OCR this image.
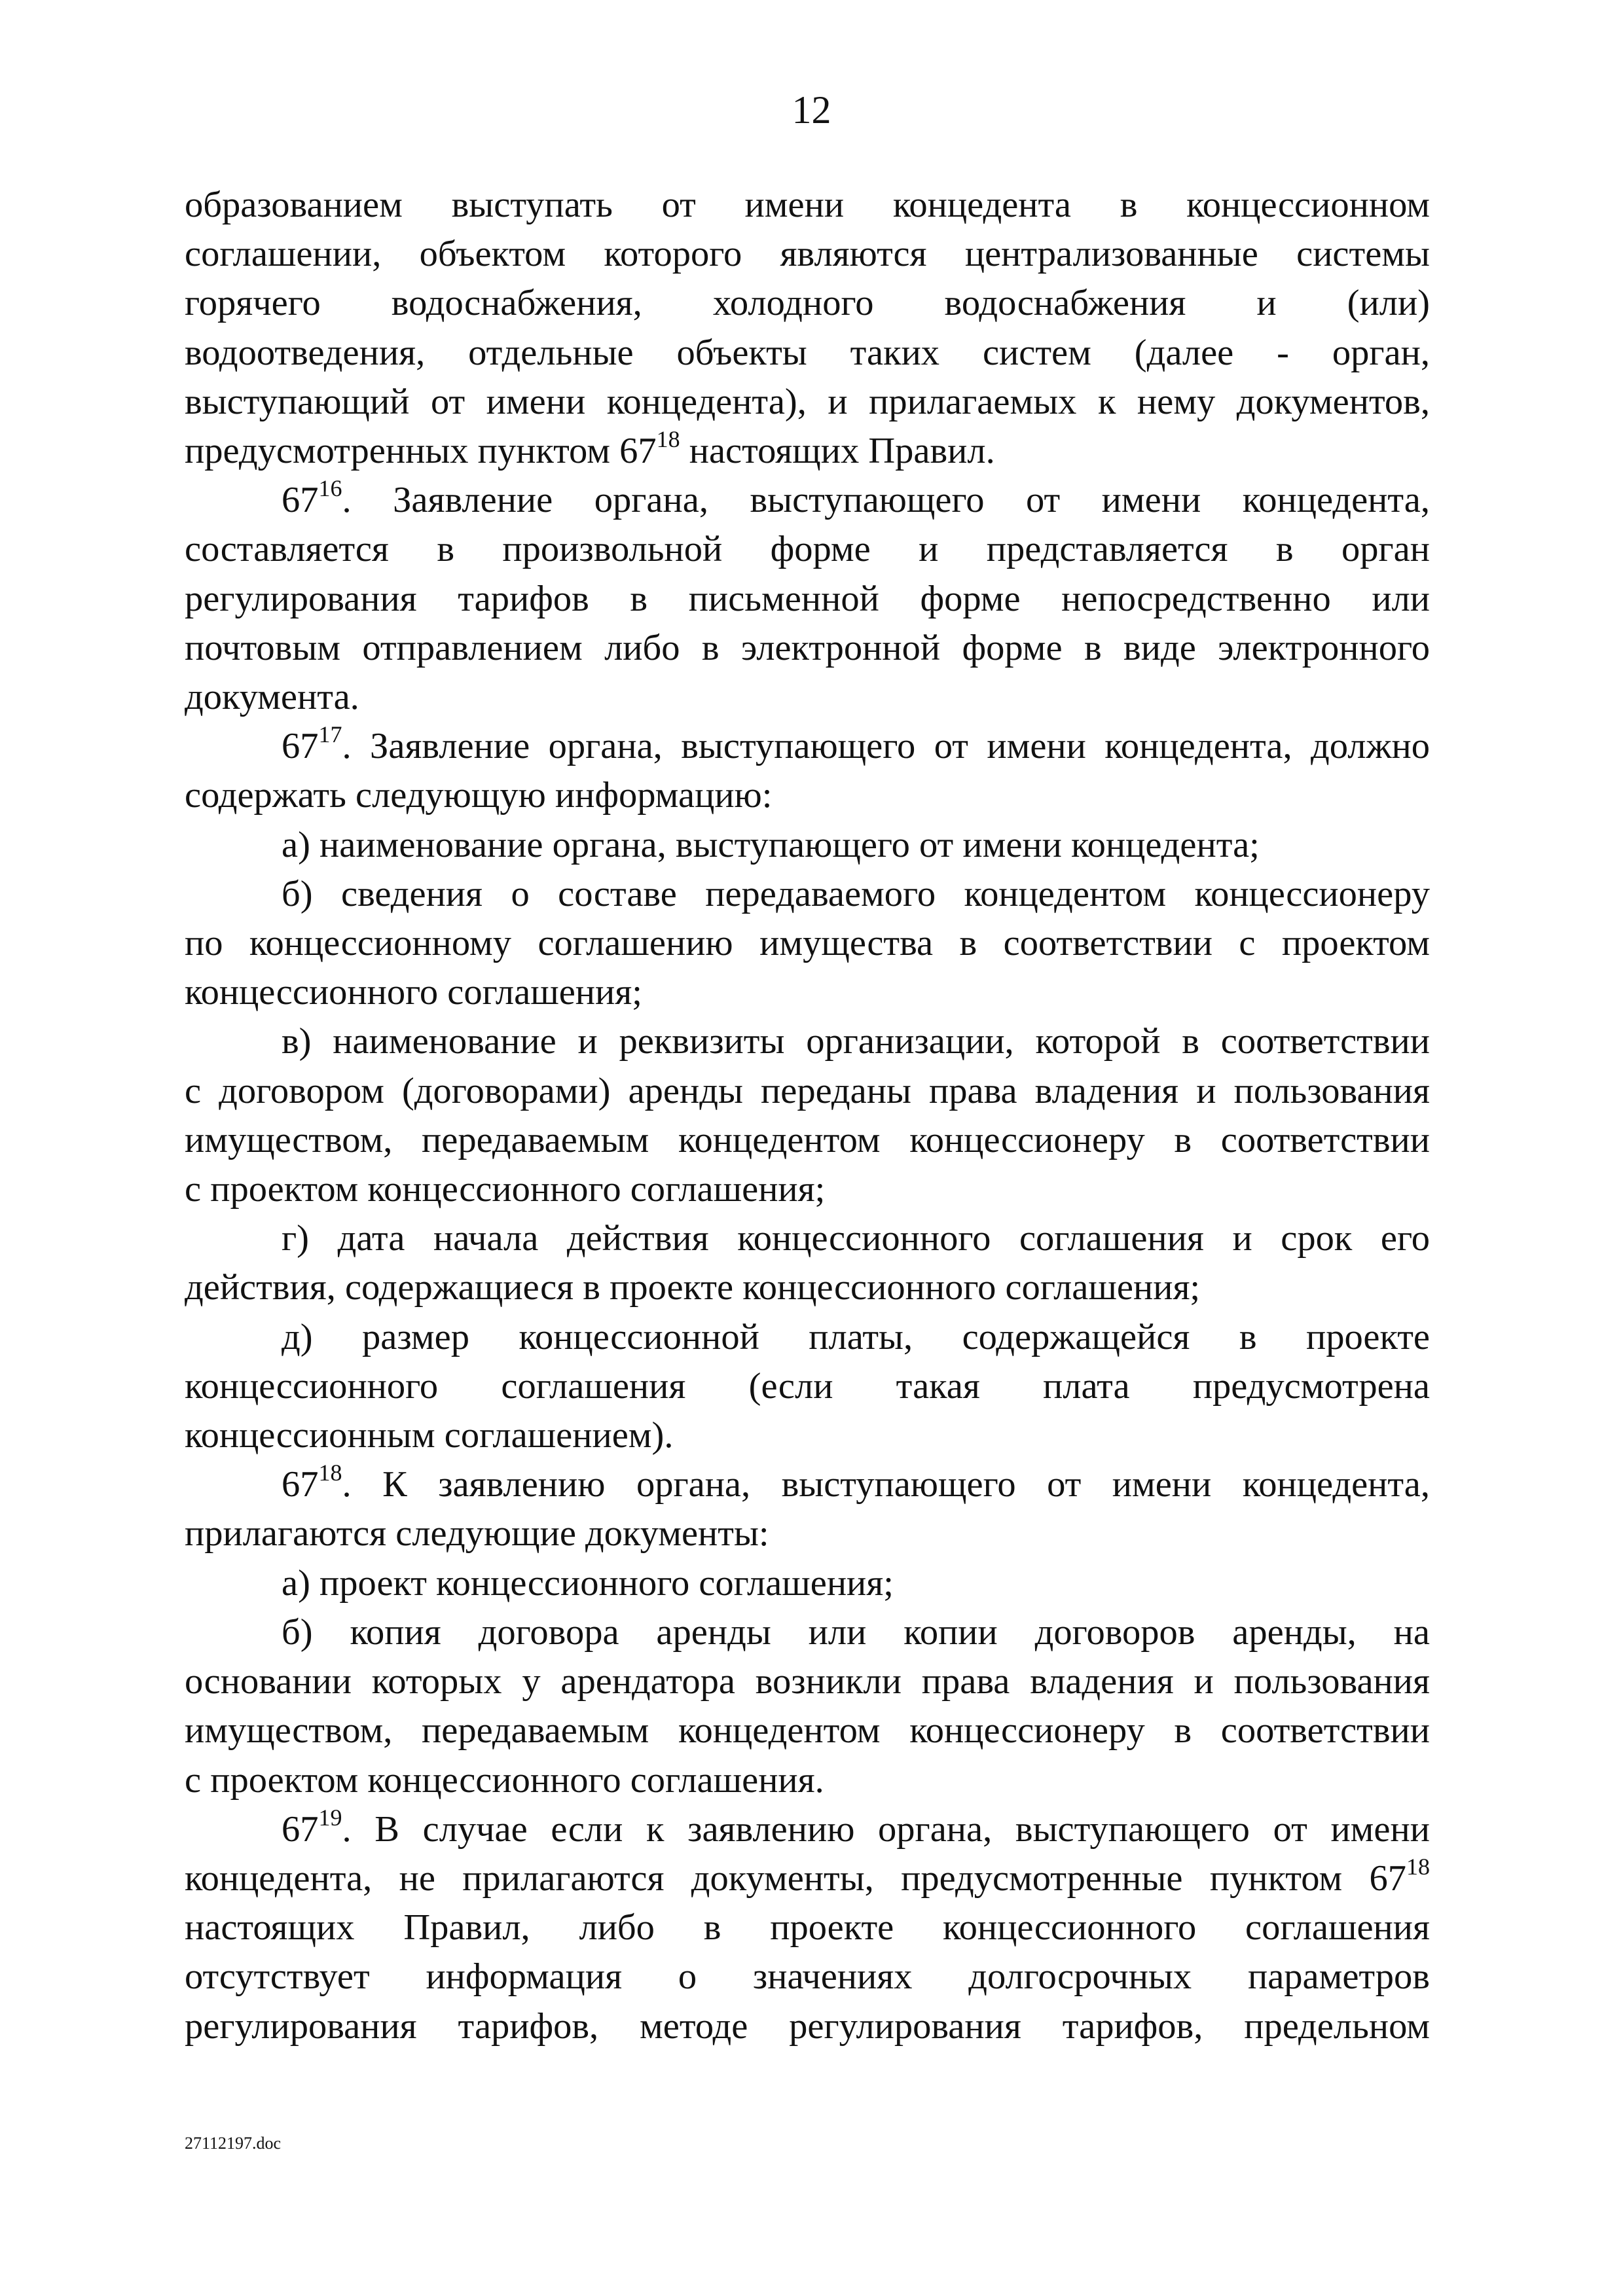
12

образованием выступать от имени концедента в концессионном

соглашении, объектом которого являются централизованные системы

горячего водоснабжения, холодного водоснабжения и (или)

водоотведения, отдельные объекты таких систем (далее - орган,

выступающий от имени концедента), и прилагаемых к нему документов,

предусмотренных пунктом $67^{18}$ настоящих Правил.

$67^{16}$. Заявление органа, выступающего от имени концедента,

составляется в произвольной форме и представляется в орган

регулирования тарифов в письменной форме непосредственно или

почтовым отправлением либо в электронной форме в виде электронного

документа.

$67^{17}$. Заявление органа, выступающего от имени концедента, должно

содержать следующую информацию:

а) наименование органа, выступающего от имени концедента;

б) сведения о составе передаваемого концедентом концессионеру

по концессионному соглашению имущества в соответствии с проектом

концессионного соглашения;

в) наименование и реквизиты организации, которой в соответствии

с договором (договорами) аренды переданы права владения и пользования

имуществом, передаваемым концедентом концессионеру в соответствии

с проектом концессионного соглашения;

г) дата начала действия концессионного соглашения и срок его

действия, содержащиеся в проекте концессионного соглашения;

д) размер концессионной платы, содержащейся в проекте

концессионного соглашения (если такая плата предусмотрена

концессионным соглашением).

$67^{18}$. К заявлению органа, выступающего от имени концедента,

прилагаются следующие документы:

а) проект концессионного соглашения;

б) копия договора аренды или копии договоров аренды, на

основании которых у арендатора возникли права владения и пользования

имуществом, передаваемым концедентом концессионеру в соответствии

с проектом концессионного соглашения.

$67^{19}$. В случае если к заявлению органа, выступающего от имени

концедента, не прилагаются документы, предусмотренные пунктом $67^{18}$

настоящих Правил, либо в проекте концессионного соглашения

отсутствует информация о значениях долгосрочных параметров

регулирования тарифов, методе регулирования тарифов, предельном

27112197.doc
